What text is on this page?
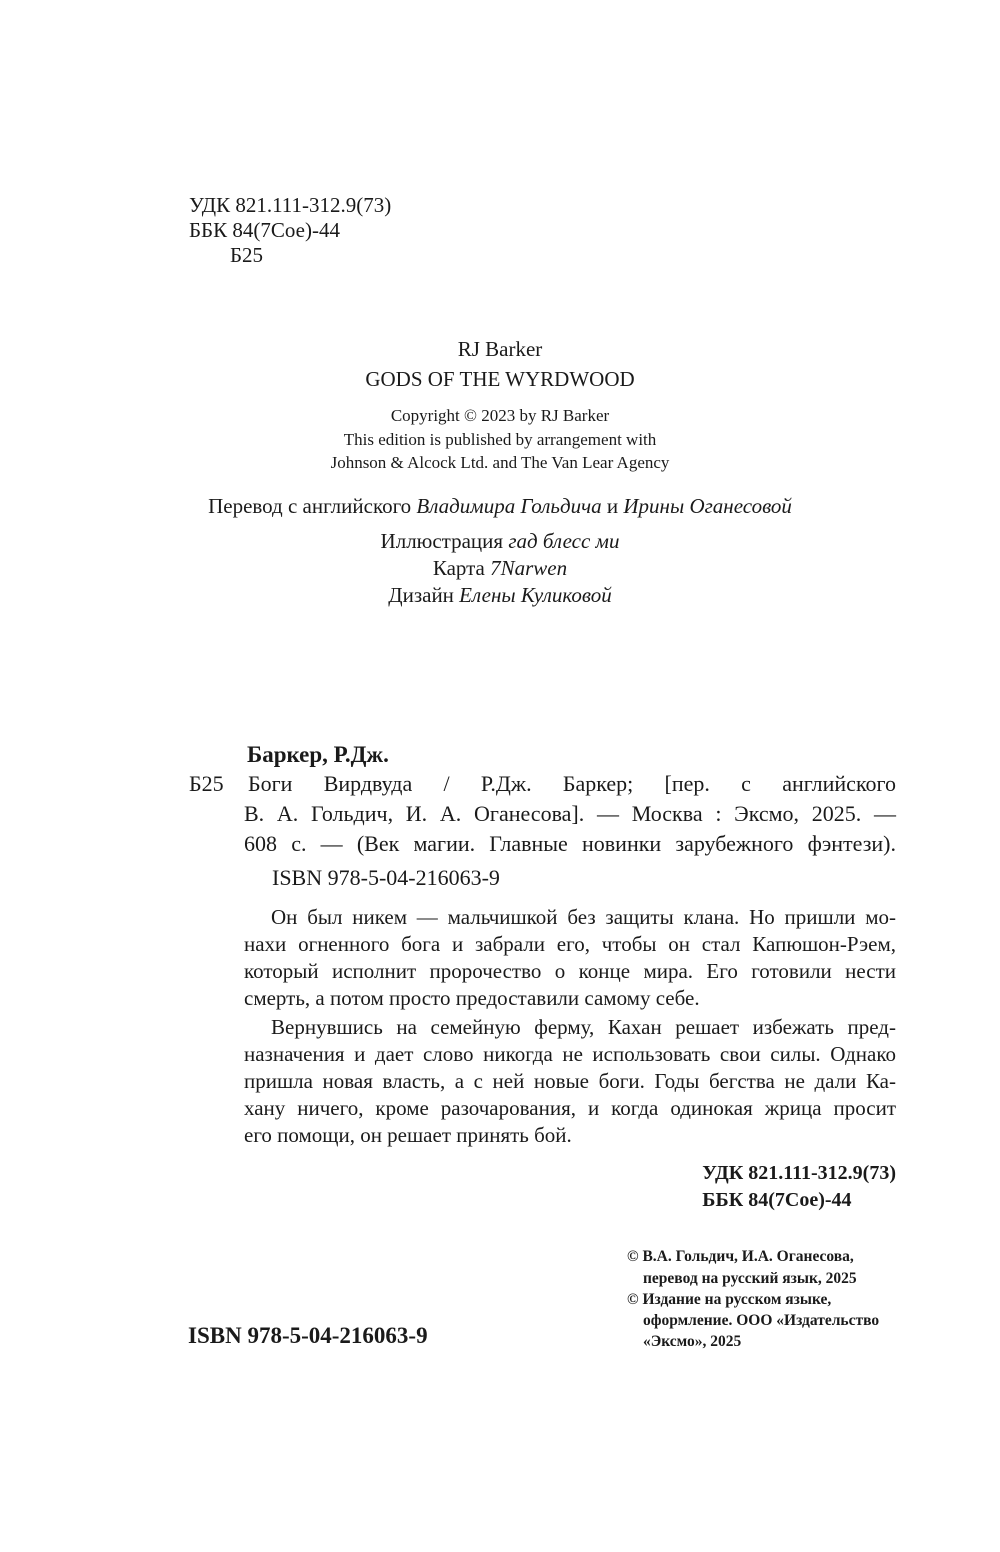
УДК 821.111-312.9(73)
ББК 84(7Сое)-44
Б25
RJ Barker
GODS OF THE WYRDWOOD
Copyright © 2023 by RJ Barker
This edition is published by arrangement with
Johnson & Alcock Ltd. and The Van Lear Agency
Перевод с английского Владимира Гольдича и Ирины Оганесовой
Иллюстрация гад блесс ми
Карта 7Narwen
Дизайн Елены Куликовой
Баркер, Р.Дж.
Б25 Боги Вирдвуда / Р.Дж. Баркер; [пер. с английского
В. А. Гольдич, И. А. Оганесова]. — Москва : Эксмо, 2025. —
608 с. — (Век магии. Главные новинки зарубежного фэнтези).
ISBN 978-5-04-216063-9
Он был никем — мальчишкой без защиты клана. Но пришли мо-
нахи огненного бога и забрали его, чтобы он стал Капюшон-Рэем,
который исполнит пророчество о конце мира. Его готовили нести
смерть, а потом просто предоставили самому себе.
Вернувшись на семейную ферму, Кахан решает избежать пред-
назначения и дает слово никогда не использовать свои силы. Однако
пришла новая власть, а с ней новые боги. Годы бегства не дали Ка-
хану ничего, кроме разочарования, и когда одинокая жрица просит
его помощи, он решает принять бой.
УДК 821.111-312.9(73)
ББК 84(7Сое)-44
© В.А. Гольдич, И.А. Оганесова,
перевод на русский язык, 2025
© Издание на русском языке,
оформление. ООО «Издательство
«Эксмо», 2025
ISBN 978-5-04-216063-9
